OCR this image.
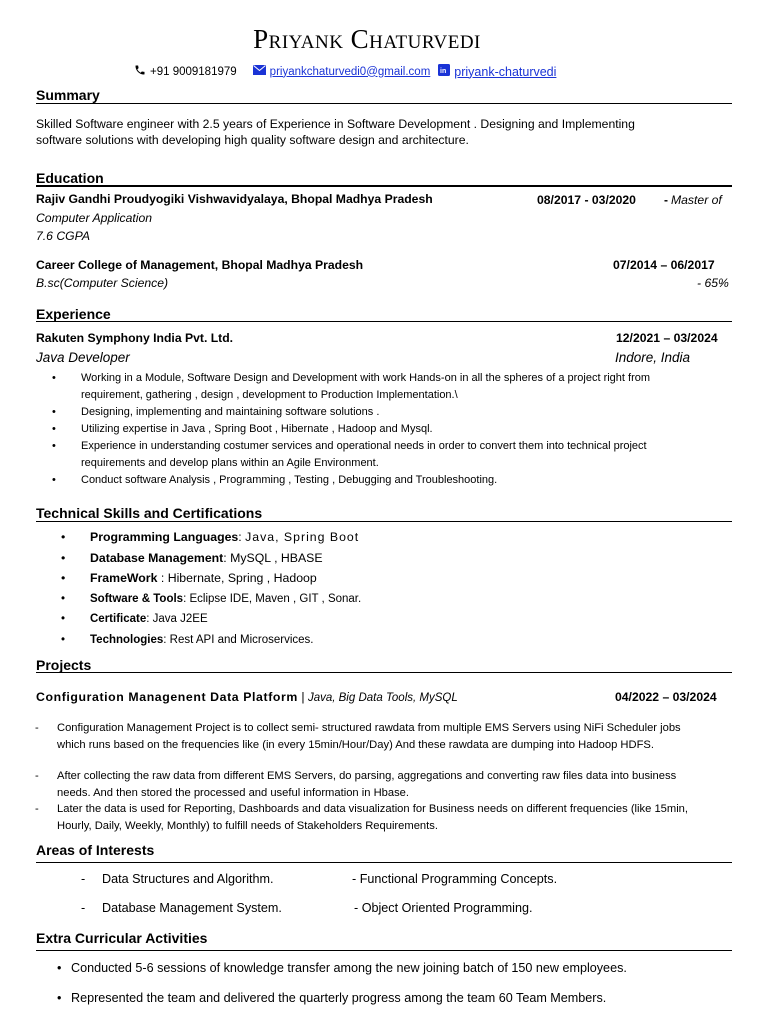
Priyank Chaturvedi
+91 9009181979	priyankchaturvedi0@gmail.com in priyank-chaturvedi
Summary
Skilled Software engineer with 2.5 years of Experience in Software Development . Designing and Implementing
software solutions with developing high quality software design and architecture.
Education
Rajiv Gandhi Proudyogiki Vishwavidyalaya, Bhopal Madhya Pradesh	08/2017 - 03/2020 - Master of
Computer Application
7.6 CGPA
Career College of Management, Bhopal Madhya Pradesh	07/2014 – 06/2017
B.sc(Computer Science)	- 65%
Experience
Rakuten Symphony India Pvt. Ltd.	12/2021 – 03/2024
Java Developer	Indore, India
• Working in a Module, Software Design and Development with work Hands-on in all the spheres of a project right from
requirement, gathering , design , development to Production Implementation.\
• Designing, implementing and maintaining software solutions .
• Utilizing expertise in Java , Spring Boot , Hibernate , Hadoop and Mysql.
• Experience in understanding costumer services and operational needs in order to convert them into technical project
requirements and develop plans within an Agile Environment.
• Conduct software Analysis , Programming , Testing , Debugging and Troubleshooting.
Technical Skills and Certifications
• Programming Languages: Java, Spring Boot
• Database Management: MySQL , HBASE
• FrameWork : Hibernate, Spring , Hadoop
• Software & Tools: Eclipse IDE, Maven , GIT , Sonar.
• Certificate: Java J2EE
• Technologies: Rest API and Microservices.
Projects
Configuration Managenent Data Platform | Java, Big Data Tools, MySQL	04/2022 – 03/2024
- Configuration Management Project is to collect semi- structured rawdata from multiple EMS Servers using NiFi Scheduler jobs
which runs based on the frequencies like (in every 15min/Hour/Day) And these rawdata are dumping into Hadoop HDFS.
- After collecting the raw data from different EMS Servers, do parsing, aggregations and converting raw files data into business
needs. And then stored the processed and useful information in Hbase.
- Later the data is used for Reporting, Dashboards and data visualization for Business needs on different frequencies (like 15min,
Hourly, Daily, Weekly, Monthly) to fulfill needs of Stakeholders Requirements.
Areas of Interests
- Data Structures and Algorithm.	- Functional Programming Concepts.
- Database Management System.	- Object Oriented Programming.
Extra Curricular Activities
• Conducted 5-6 sessions of knowledge transfer among the new joining batch of 150 new employees.
• Represented the team and delivered the quarterly progress among the team 60 Team Members.
